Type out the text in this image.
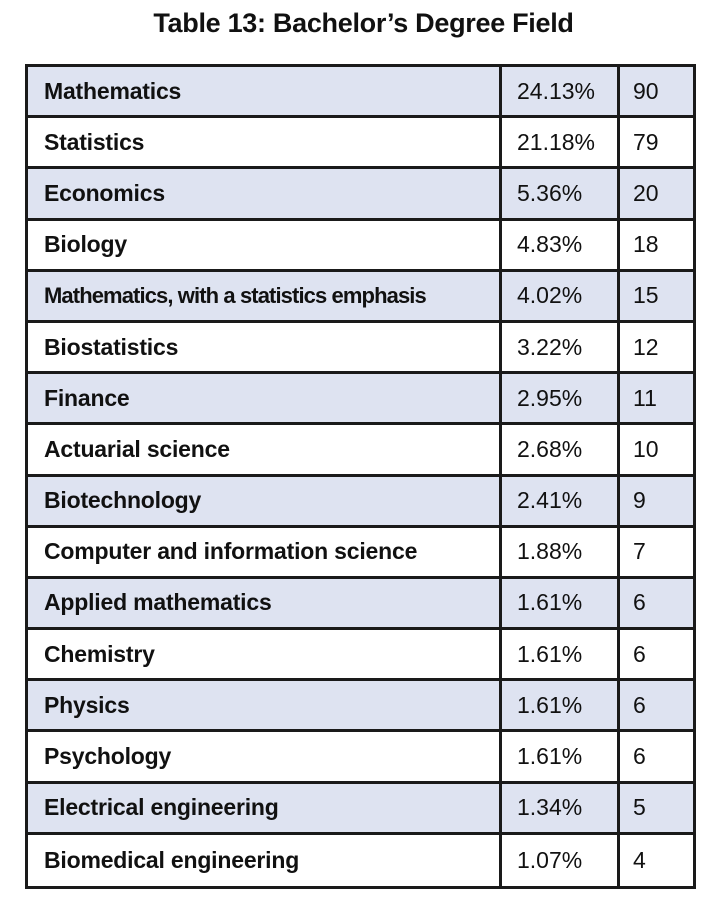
Table 13: Bachelor’s Degree Field
Mathematics	24.13%	90
Statistics	21.18%	79
Economics	5.36%	20
Biology	4.83%	18
Mathematics, with a statistics emphasis	4.02%	15
Biostatistics	3.22%	12
Finance	2.95%	11
Actuarial science	2.68%	10
Biotechnology	2.41%	9
Computer and information science	1.88%	7
Applied mathematics	1.61%	6
Chemistry	1.61%	6
Physics	1.61%	6
Psychology	1.61%	6
Electrical engineering	1.34%	5
Biomedical engineering	1.07%	4
